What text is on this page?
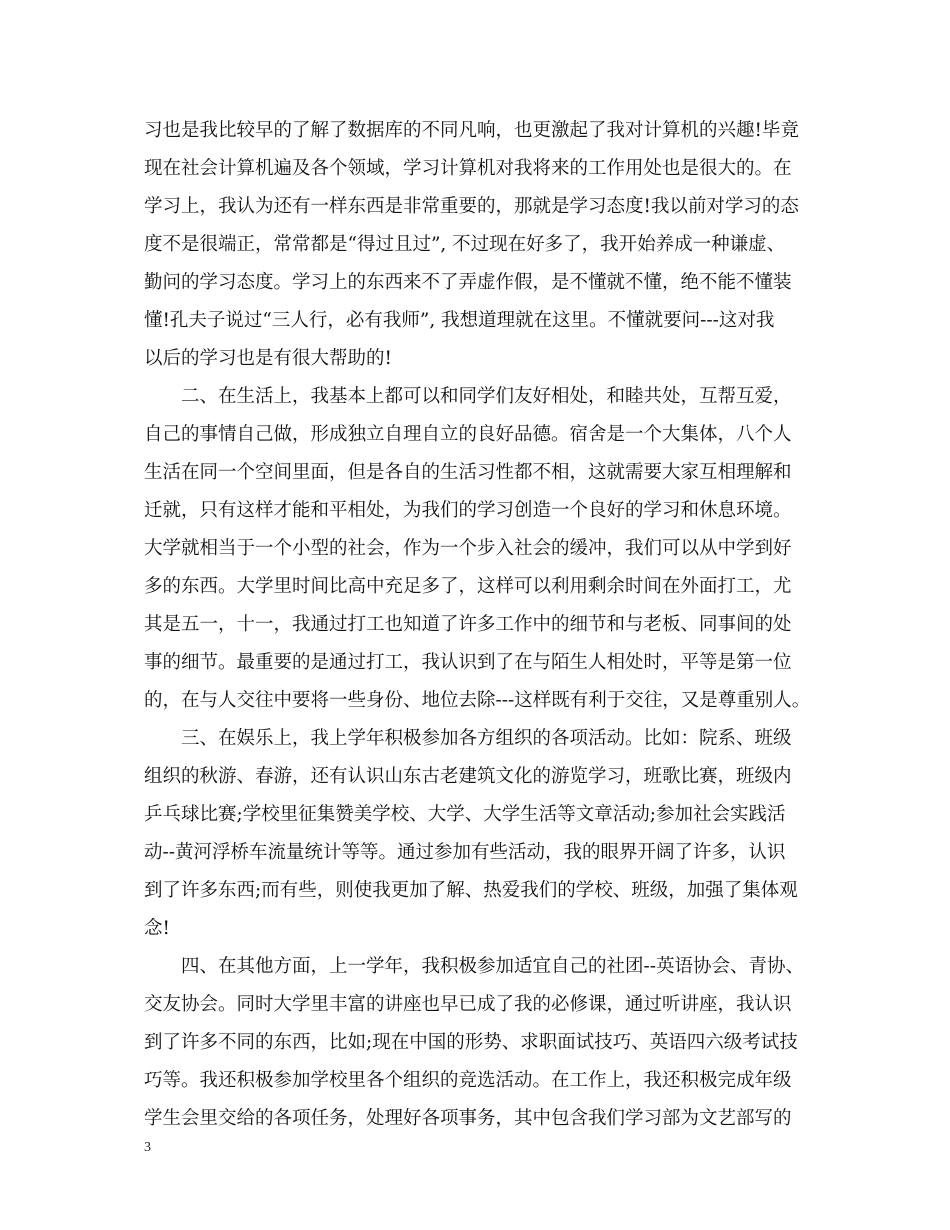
习也是我比较早的了解了数据库的不同凡响，也更激起了我对计算机的兴趣!毕竟
现在社会计算机遍及各个领域，学习计算机对我将来的工作用处也是很大的。在
学习上，我认为还有一样东西是非常重要的，那就是学习态度!我以前对学习的态
度不是很端正，常常都是“得过且过”, 不过现在好多了，我开始养成一种谦虚、
勤问的学习态度。学习上的东西来不了弄虚作假，是不懂就不懂，绝不能不懂装
懂!孔夫子说过“三人行，必有我师”, 我想道理就在这里。不懂就要问---这对我
以后的学习也是有很大帮助的!
二、在生活上，我基本上都可以和同学们友好相处，和睦共处，互帮互爱，
自己的事情自己做，形成独立自理自立的良好品德。宿舍是一个大集体，八个人
生活在同一个空间里面，但是各自的生活习性都不相，这就需要大家互相理解和
迁就，只有这样才能和平相处，为我们的学习创造一个良好的学习和休息环境。
大学就相当于一个小型的社会，作为一个步入社会的缓冲，我们可以从中学到好
多的东西。大学里时间比高中充足多了，这样可以利用剩余时间在外面打工，尤
其是五一，十一，我通过打工也知道了许多工作中的细节和与老板、同事间的处
事的细节。最重要的是通过打工，我认识到了在与陌生人相处时，平等是第一位
的，在与人交往中要将一些身份、地位去除---这样既有利于交往，又是尊重别人。
三、在娱乐上，我上学年积极参加各方组织的各项活动。比如：院系、班级
组织的秋游、春游，还有认识山东古老建筑文化的游览学习，班歌比赛，班级内
乒乓球比赛;学校里征集赞美学校、大学、大学生活等文章活动;参加社会实践活
动--黄河浮桥车流量统计等等。通过参加有些活动，我的眼界开阔了许多，认识
到了许多东西;而有些，则使我更加了解、热爱我们的学校、班级，加强了集体观
念!
四、在其他方面，上一学年，我积极参加适宜自己的社团--英语协会、青协、
交友协会。同时大学里丰富的讲座也早已成了我的必修课，通过听讲座，我认识
到了许多不同的东西，比如;现在中国的形势、求职面试技巧、英语四六级考试技
巧等。我还积极参加学校里各个组织的竞选活动。在工作上，我还积极完成年级
学生会里交给的各项任务，处理好各项事务，其中包含我们学习部为文艺部写的
3
